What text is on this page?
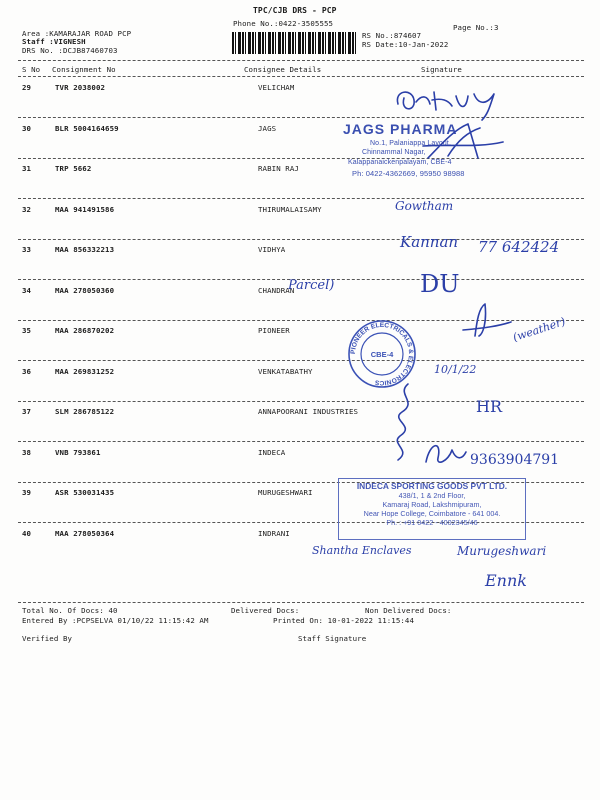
TPC/CJB DRS - PCP
Phone No.:0422-3505555	Page No.:3
Area :KAMARAJAR ROAD PCP
Staff :VIGNESH
DRS No. :DCJB87460703
RS No.:874607
RS Date:10-Jan-2022
S No Consignment No	Consignee Details	Signature
29	TVR 2038002	VELICHAM
30	BLR 5004164659	JAGS
31	TRP 5662	RABIN RAJ
32	MAA 941491586	THIRUMALAISAMY
33	MAA 856332213	VIDHYA
34	MAA 278050360	CHANDRAN
35	MAA 286870202	PIONEER
36	MAA 269831252	VENKATABATHY
37	SLM 286785122	ANNAPOORANI INDUSTRIES
38	VNB 793861	INDECA
39	ASR 530031435	MURUGESHWARI
40	MAA 278050364	INDRANI
Total No. Of Docs: 40	Delivered Docs:	Non Delivered Docs:
Entered By :PCPSELVA 01/10/22 11:15:42 AM	Printed On: 10-01-2022 11:15:44
Verified By	Staff Signature
JAGS PHARMA
No.1, Palaniappa Layout,
Chinnammal Nagar,
Kalappanaickenpalayam, CBE-4
Ph: 0422-4362669, 95950 98988
PIONEER ELECTRICALS & ELECTRONICS
CBE-4
INDECA SPORTING GOODS PVT LTD.
438/1, 1 & 2nd Floor,
Kamaraj Road, Lakshmipuram,
Near Hope College, Coimbatore - 641 004.
Ph. : +91 0422 - 4002345/46
Gowtham
Kannan 77 642424
Parcel)	DU
(weather)
10/1/22
HR
9363904791
Shantha Enclaves	Murugeshwari
Ennk
